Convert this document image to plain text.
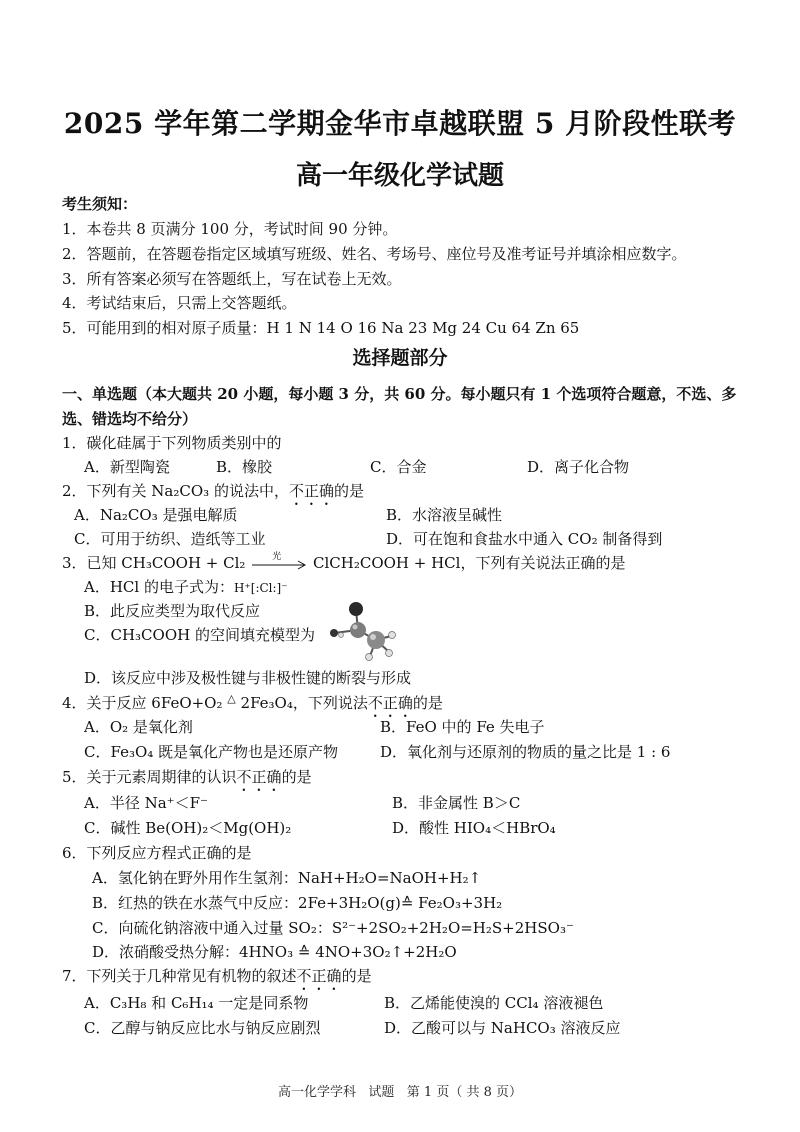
2025 学年第二学期金华市卓越联盟 5 月阶段性联考
高一年级化学试题
考生须知：
1．本卷共 8 页满分 100 分，考试时间 90 分钟。
2．答题前，在答题卷指定区域填写班级、姓名、考场号、座位号及准考证号并填涂相应数字。
3．所有答案必须写在答题纸上，写在试卷上无效。
4．考试结束后，只需上交答题纸。
5．可能用到的相对原子质量：H 1 N 14 O 16 Na 23 Mg 24 Cu 64 Zn 65
选择题部分
一、单选题（本大题共 20 小题，每小题 3 分，共 60 分。每小题只有 1 个选项符合题意，不选、多
选、错选均不给分）
1．碳化硅属于下列物质类别中的
A．新型陶瓷	B．橡胶	C．合金	D．离子化合物
2．下列有关 Na₂CO₃ 的说法中，不正确的是
A．Na₂CO₃ 是强电解质	B．水溶液呈碱性
C．可用于纺织、造纸等工业	D．可在饱和食盐水中通入 CO₂ 制备得到
3．已知 CH₃COOH + Cl₂	光 ClCH₂COOH + HCl，下列有关说法正确的是
A．HCl 的电子式为：H⁺[:Cl:]⁻
B．此反应类型为取代反应
C．CH₃COOH 的空间填充模型为
D．该反应中涉及极性键与非极性键的断裂与形成
4．关于反应 6FeO+O₂ △ 2Fe₃O₄，下列说法不正确的是
A．O₂ 是氧化剂	B．FeO 中的 Fe 失电子
C．Fe₃O₄ 既是氧化产物也是还原产物	D．氧化剂与还原剂的物质的量之比是 1 : 6
5．关于元素周期律的认识不正确的是
A．半径 Na⁺＜F⁻	B．非金属性 B＞C
C．碱性 Be(OH)₂＜Mg(OH)₂	D．酸性 HIO₄＜HBrO₄
6．下列反应方程式正确的是
A．氢化钠在野外用作生氢剂：NaH+H₂O=NaOH+H₂↑
B．红热的铁在水蒸气中反应：2Fe+3H₂O(g)≙ Fe₂O₃+3H₂
C．向硫化钠溶液中通入过量 SO₂：S²⁻+2SO₂+2H₂O=H₂S+2HSO₃⁻
D．浓硝酸受热分解：4HNO₃ ≙ 4NO+3O₂↑+2H₂O
7．下列关于几种常见有机物的叙述不正确的是
A．C₃H₈ 和 C₆H₁₄ 一定是同系物	B．乙烯能使溴的 CCl₄ 溶液褪色
C．乙醇与钠反应比水与钠反应剧烈	D．乙酸可以与 NaHCO₃ 溶液反应
高一化学学科   试题   第 1 页（ 共 8 页）
